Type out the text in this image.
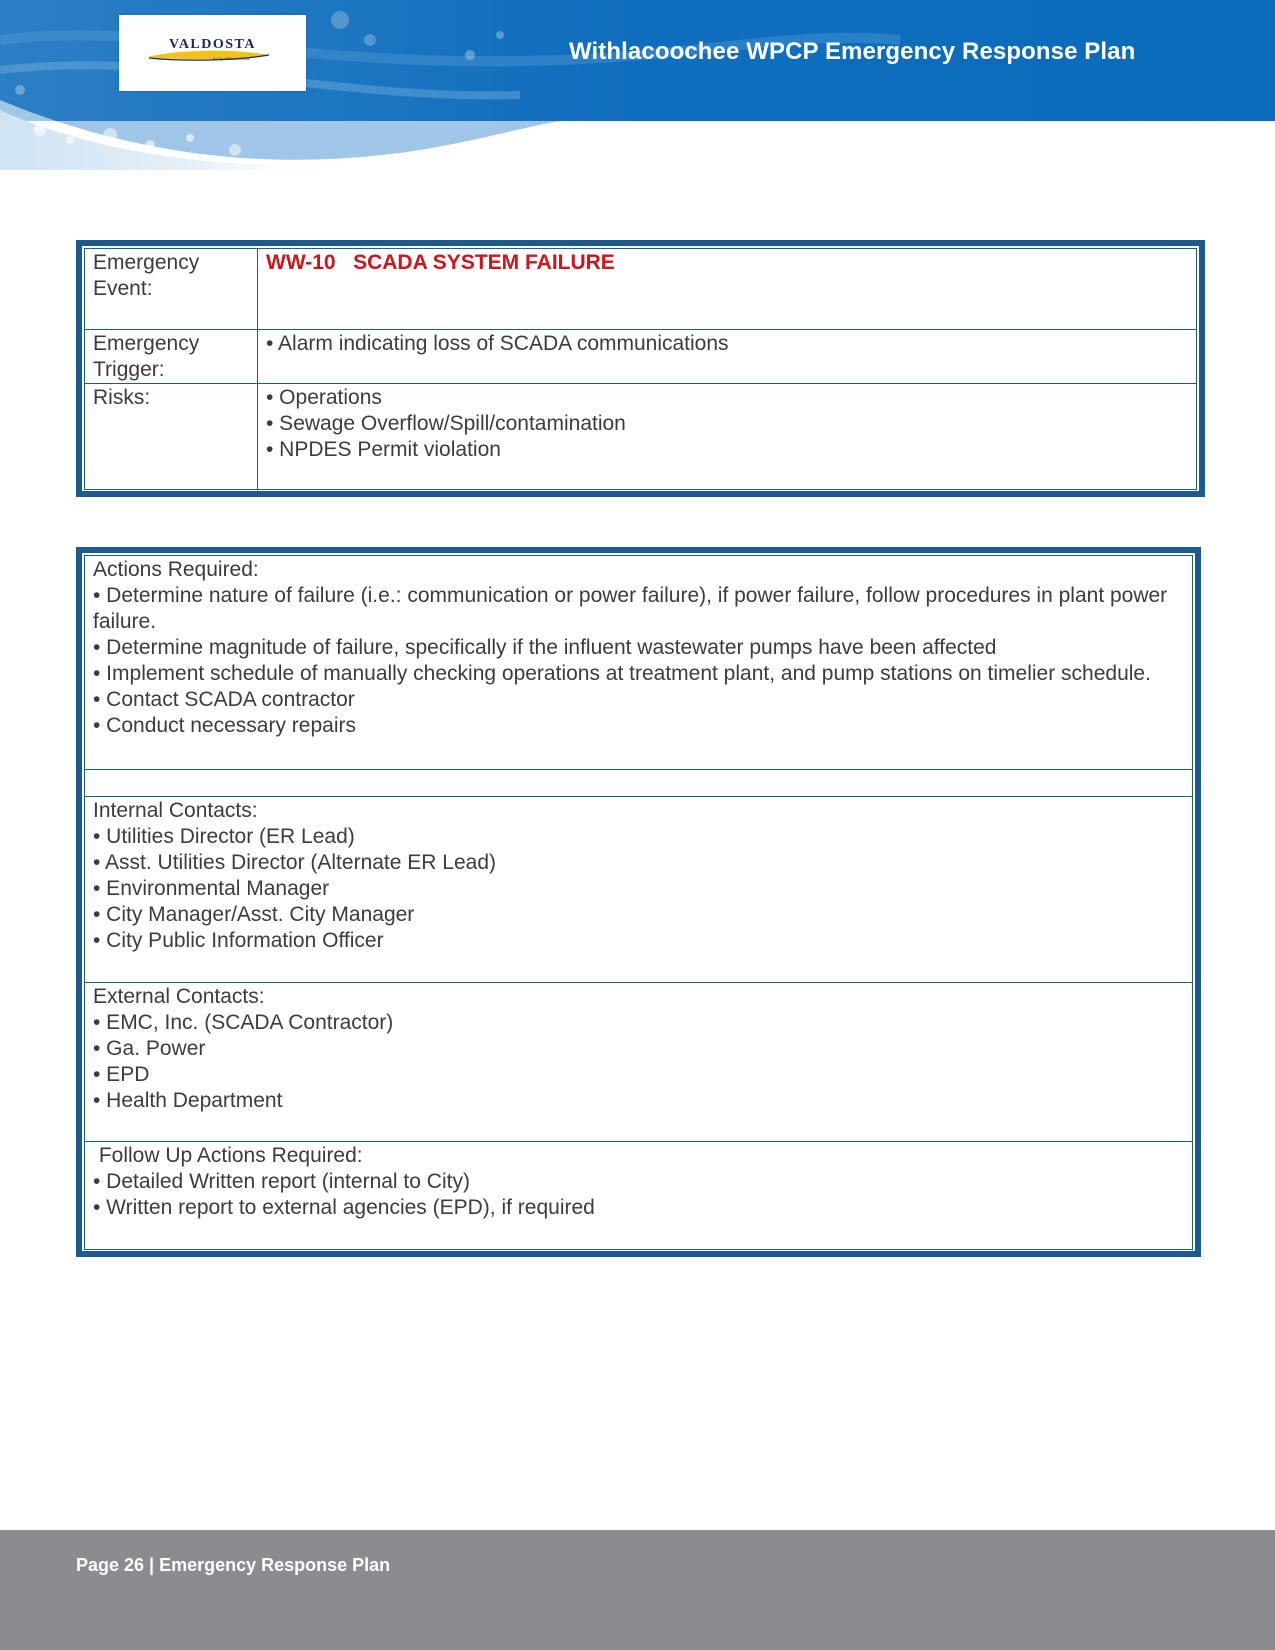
VALDOSTA
A City Without Limits	Withlacoochee WPCP Emergency Response Plan
Emergency Event:	WW-10   SCADA SYSTEM FAILURE
Emergency Trigger:	• Alarm indicating loss of SCADA communications

Risks:	• Operations
• Sewage Overflow/Spill/contamination
• NPDES Permit violation
Actions Required:
• Determine nature of failure (i.e.: communication or power failure), if power failure, follow procedures in plant power failure.
• Determine magnitude of failure, specifically if the influent wastewater pumps have been affected
• Implement schedule of manually checking operations at treatment plant, and pump stations on timelier schedule.
• Contact SCADA contractor
• Conduct necessary repairs

Internal Contacts:
• Utilities Director (ER Lead)
• Asst. Utilities Director (Alternate ER Lead)
• Environmental Manager
• City Manager/Asst. City Manager
• City Public Information Officer

External Contacts:
• EMC, Inc. (SCADA Contractor)
• Ga. Power
• EPD
• Health Department

Follow Up Actions Required:
• Detailed Written report (internal to City)
• Written report to external agencies (EPD), if required
Page 26 | Emergency Response Plan
